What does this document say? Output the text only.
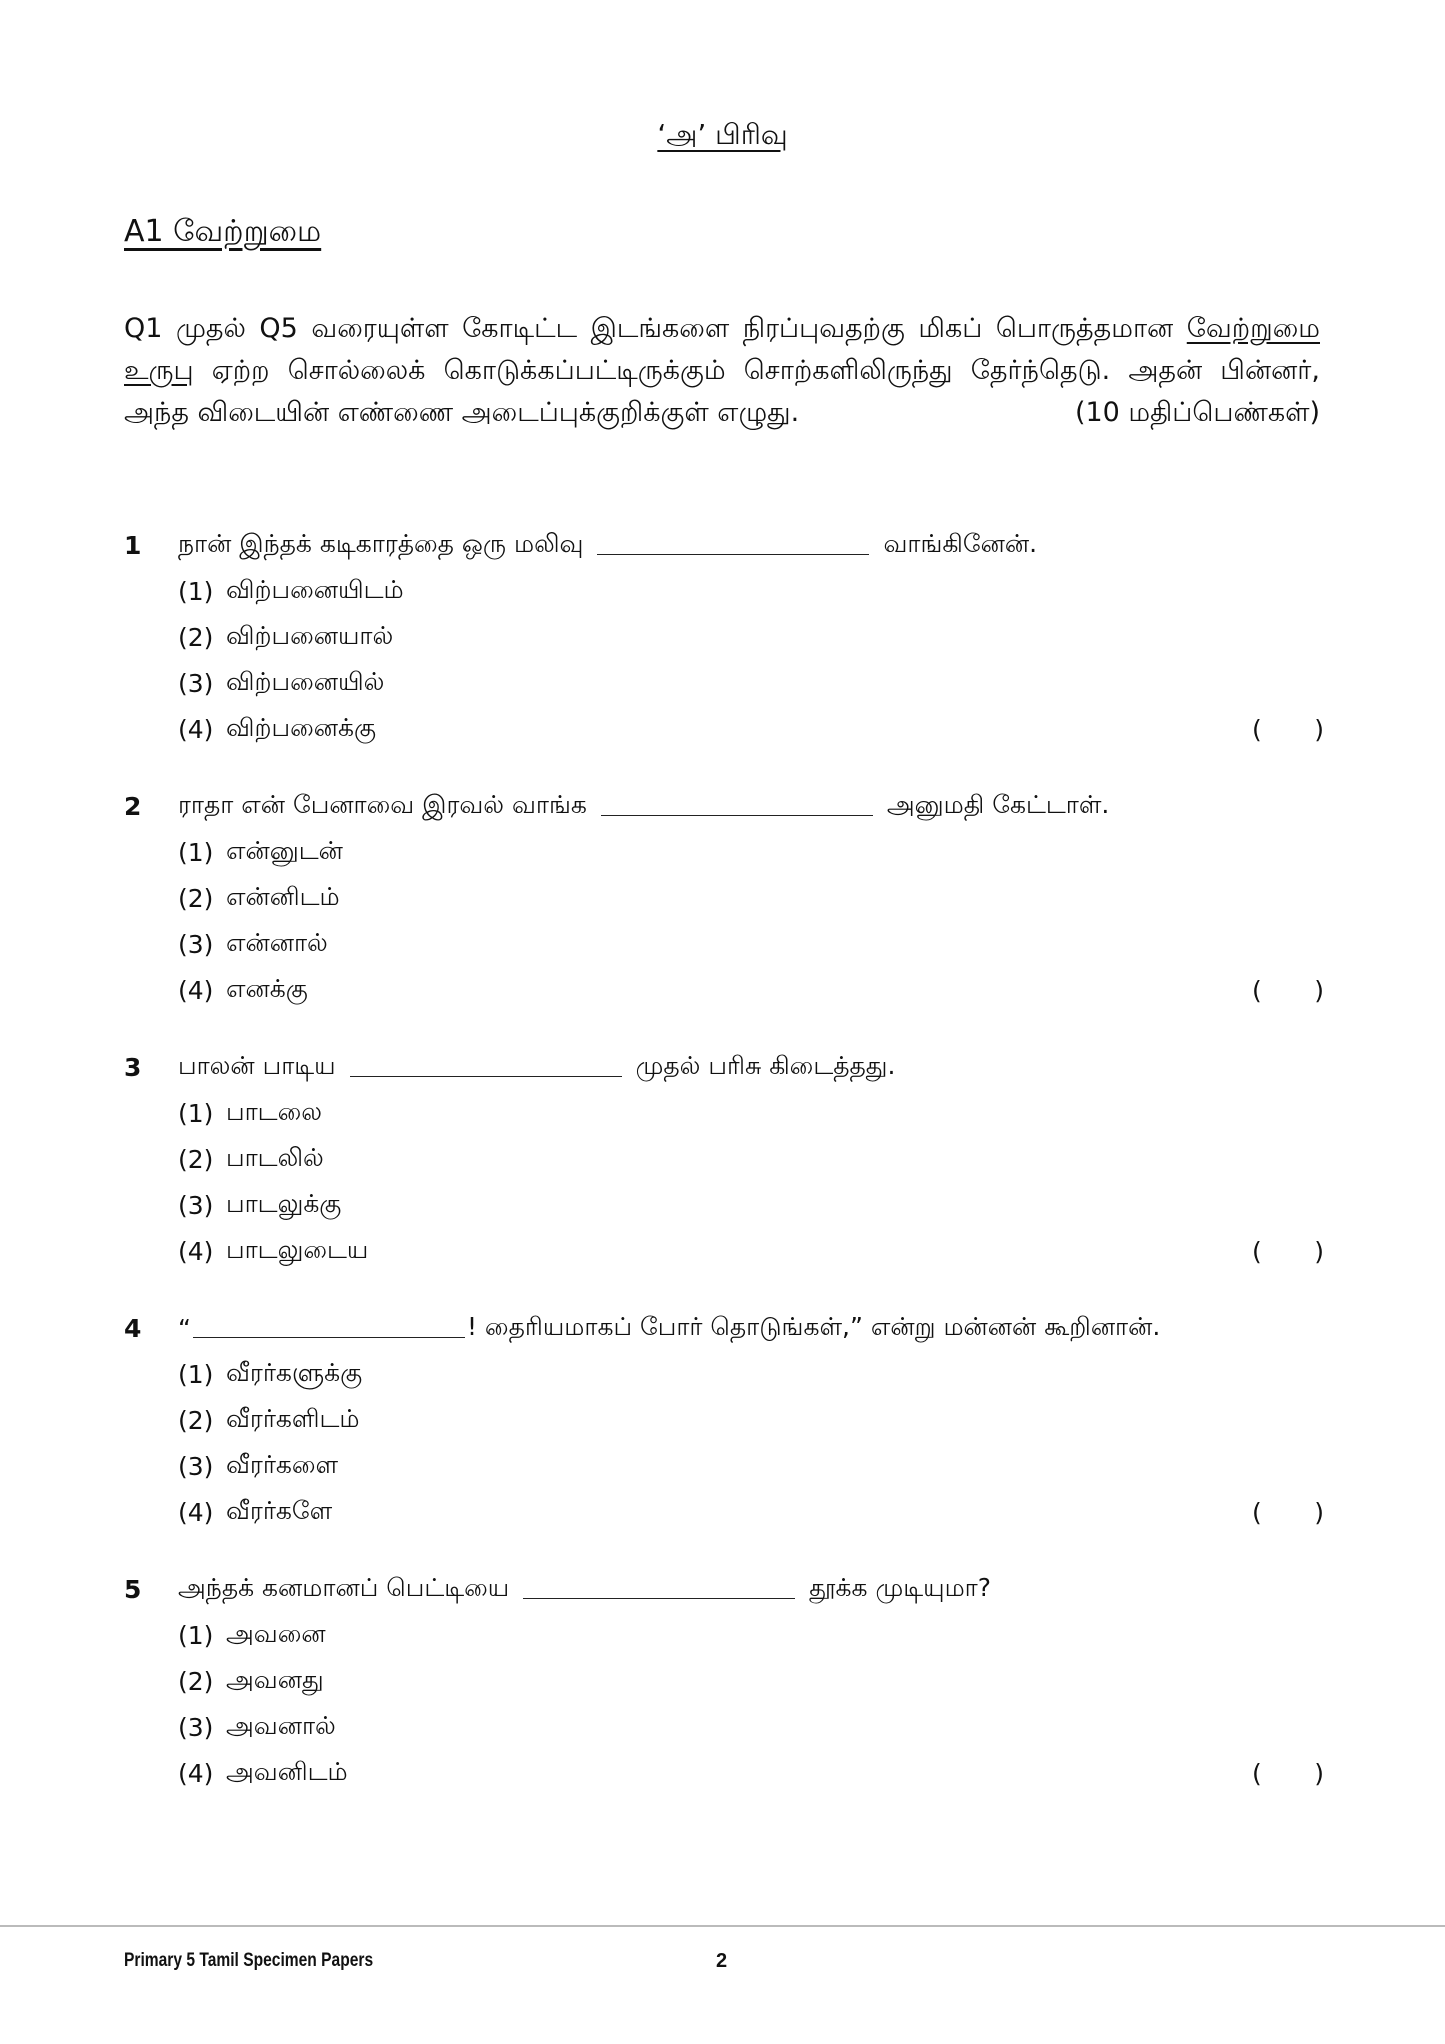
‘அ’ பிரிவு
A1 வேற்றுமை
Q1 முதல் Q5 வரையுள்ள கோடிட்ட இடங்களை நிரப்புவதற்கு மிகப் பொருத்தமான வேற்றுமை உருபு ஏற்ற சொல்லைக் கொடுக்கப்பட்டிருக்கும் சொற்களிலிருந்து தேர்ந்தெடு. அதன் பின்னர், அந்த விடையின் எண்ணை அடைப்புக்குறிக்குள் எழுது.	(10 மதிப்பெண்கள்)
1	நான் இந்தக் கடிகாரத்தை ஒரு மலிவு	வாங்கினேன்.
(1) விற்பனையிடம்
(2) விற்பனையால்
(3) விற்பனையில்
(4) விற்பனைக்கு	( )
2	ராதா என் பேனாவை இரவல் வாங்க	அனுமதி கேட்டாள்.
(1) என்னுடன்
(2) என்னிடம்
(3) என்னால்
(4) எனக்கு	( )
3	பாலன் பாடிய	முதல் பரிசு கிடைத்தது.
(1) பாடலை
(2) பாடலில்
(3) பாடலுக்கு
(4) பாடலுடைய	( )
4	“	! தைரியமாகப் போர் தொடுங்கள்,” என்று மன்னன் கூறினான்.
(1) வீரர்களுக்கு
(2) வீரர்களிடம்
(3) வீரர்களை
(4) வீரர்களே	( )
5	அந்தக் கனமானப் பெட்டியை	தூக்க முடியுமா?
(1) அவனை
(2) அவனது
(3) அவனால்
(4) அவனிடம்	( )
Primary 5 Tamil Specimen Papers	2
